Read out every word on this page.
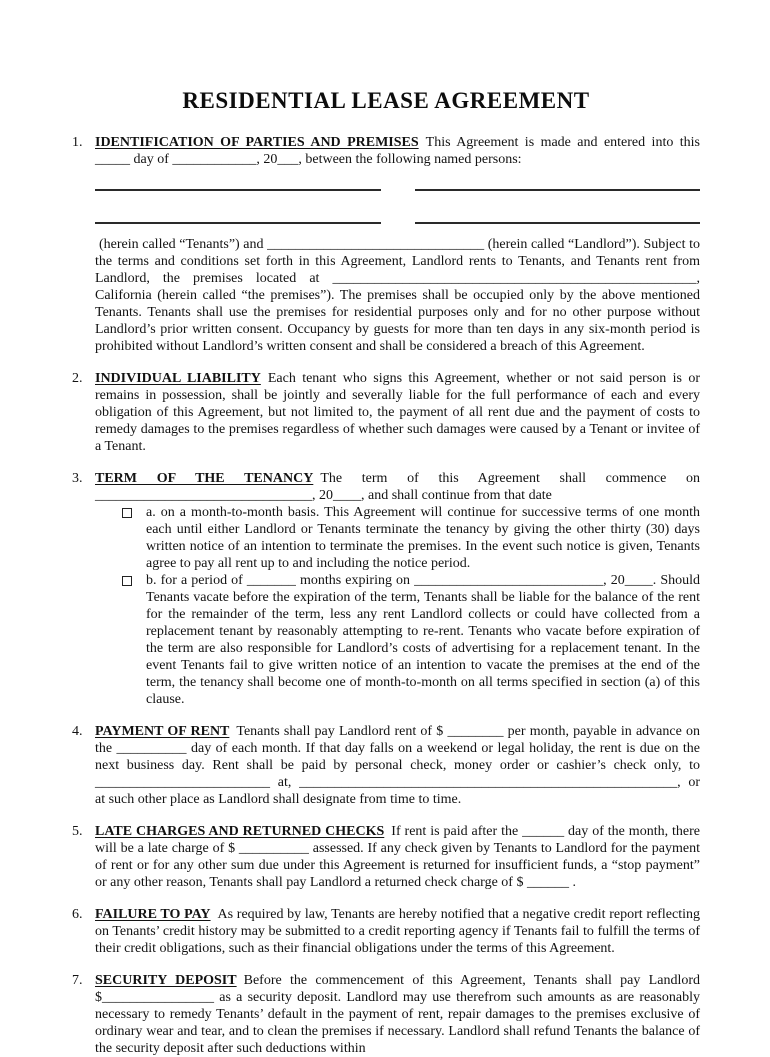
RESIDENTIAL LEASE AGREEMENT
1. IDENTIFICATION OF PARTIES AND PREMISES This Agreement is made and entered into this _____ day of ____________, 20___, between the following named persons:

(herein called “Tenants”) and _______________________________ (herein called “Landlord”). Subject to the terms and conditions set forth in this Agreement, Landlord rents to Tenants, and Tenants rent from Landlord, the premises located at ____________________________________________________, California (herein called “the premises”). The premises shall be occupied only by the above mentioned Tenants. Tenants shall use the premises for residential purposes only and for no other purpose without Landlord’s prior written consent. Occupancy by guests for more than ten days in any six-month period is prohibited without Landlord’s written consent and shall be considered a breach of this Agreement.

2. INDIVIDUAL LIABILITY Each tenant who signs this Agreement, whether or not said person is or remains in possession, shall be jointly and severally liable for the full performance of each and every obligation of this Agreement, but not limited to, the payment of all rent due and the payment of costs to remedy damages to the premises regardless of whether such damages were caused by a Tenant or invitee of a Tenant.

3. TERM OF THE TENANCY The term of this Agreement shall commence on _______________________________, 20____, and shall continue from that date

a. on a month-to-month basis. This Agreement will continue for successive terms of one month each until either Landlord or Tenants terminate the tenancy by giving the other thirty (30) days written notice of an intention to terminate the premises. In the event such notice is given, Tenants agree to pay all rent up to and including the notice period.

b. for a period of _______ months expiring on ___________________________, 20____. Should Tenants vacate before the expiration of the term, Tenants shall be liable for the balance of the rent for the remainder of the term, less any rent Landlord collects or could have collected from a replacement tenant by reasonably attempting to re-rent. Tenants who vacate before expiration of the term are also responsible for Landlord’s costs of advertising for a replacement tenant. In the event Tenants fail to give written notice of an intention to vacate the premises at the end of the term, the tenancy shall become one of month-to-month on all terms specified in section (a) of this clause.

4. PAYMENT OF RENT Tenants shall pay Landlord rent of $ ________ per month, payable in advance on the __________ day of each month. If that day falls on a weekend or legal holiday, the rent is due on the next business day. Rent shall be paid by personal check, money order or cashier’s check only, to _________________________ at, ______________________________________________________, or at such other place as Landlord shall designate from time to time.

5. LATE CHARGES AND RETURNED CHECKS If rent is paid after the ______ day of the month, there will be a late charge of $ __________ assessed. If any check given by Tenants to Landlord for the payment of rent or for any other sum due under this Agreement is returned for insufficient funds, a “stop payment” or any other reason, Tenants shall pay Landlord a returned check charge of $ ______ .

6. FAILURE TO PAY As required by law, Tenants are hereby notified that a negative credit report reflecting on Tenants’ credit history may be submitted to a credit reporting agency if Tenants fail to fulfill the terms of their credit obligations, such as their financial obligations under the terms of this Agreement.

7. SECURITY DEPOSIT Before the commencement of this Agreement, Tenants shall pay Landlord $________________ as a security deposit. Landlord may use therefrom such amounts as are reasonably necessary to remedy Tenants’ default in the payment of rent, repair damages to the premises exclusive of ordinary wear and tear, and to clean the premises if necessary. Landlord shall refund Tenants the balance of the security deposit after such deductions within
